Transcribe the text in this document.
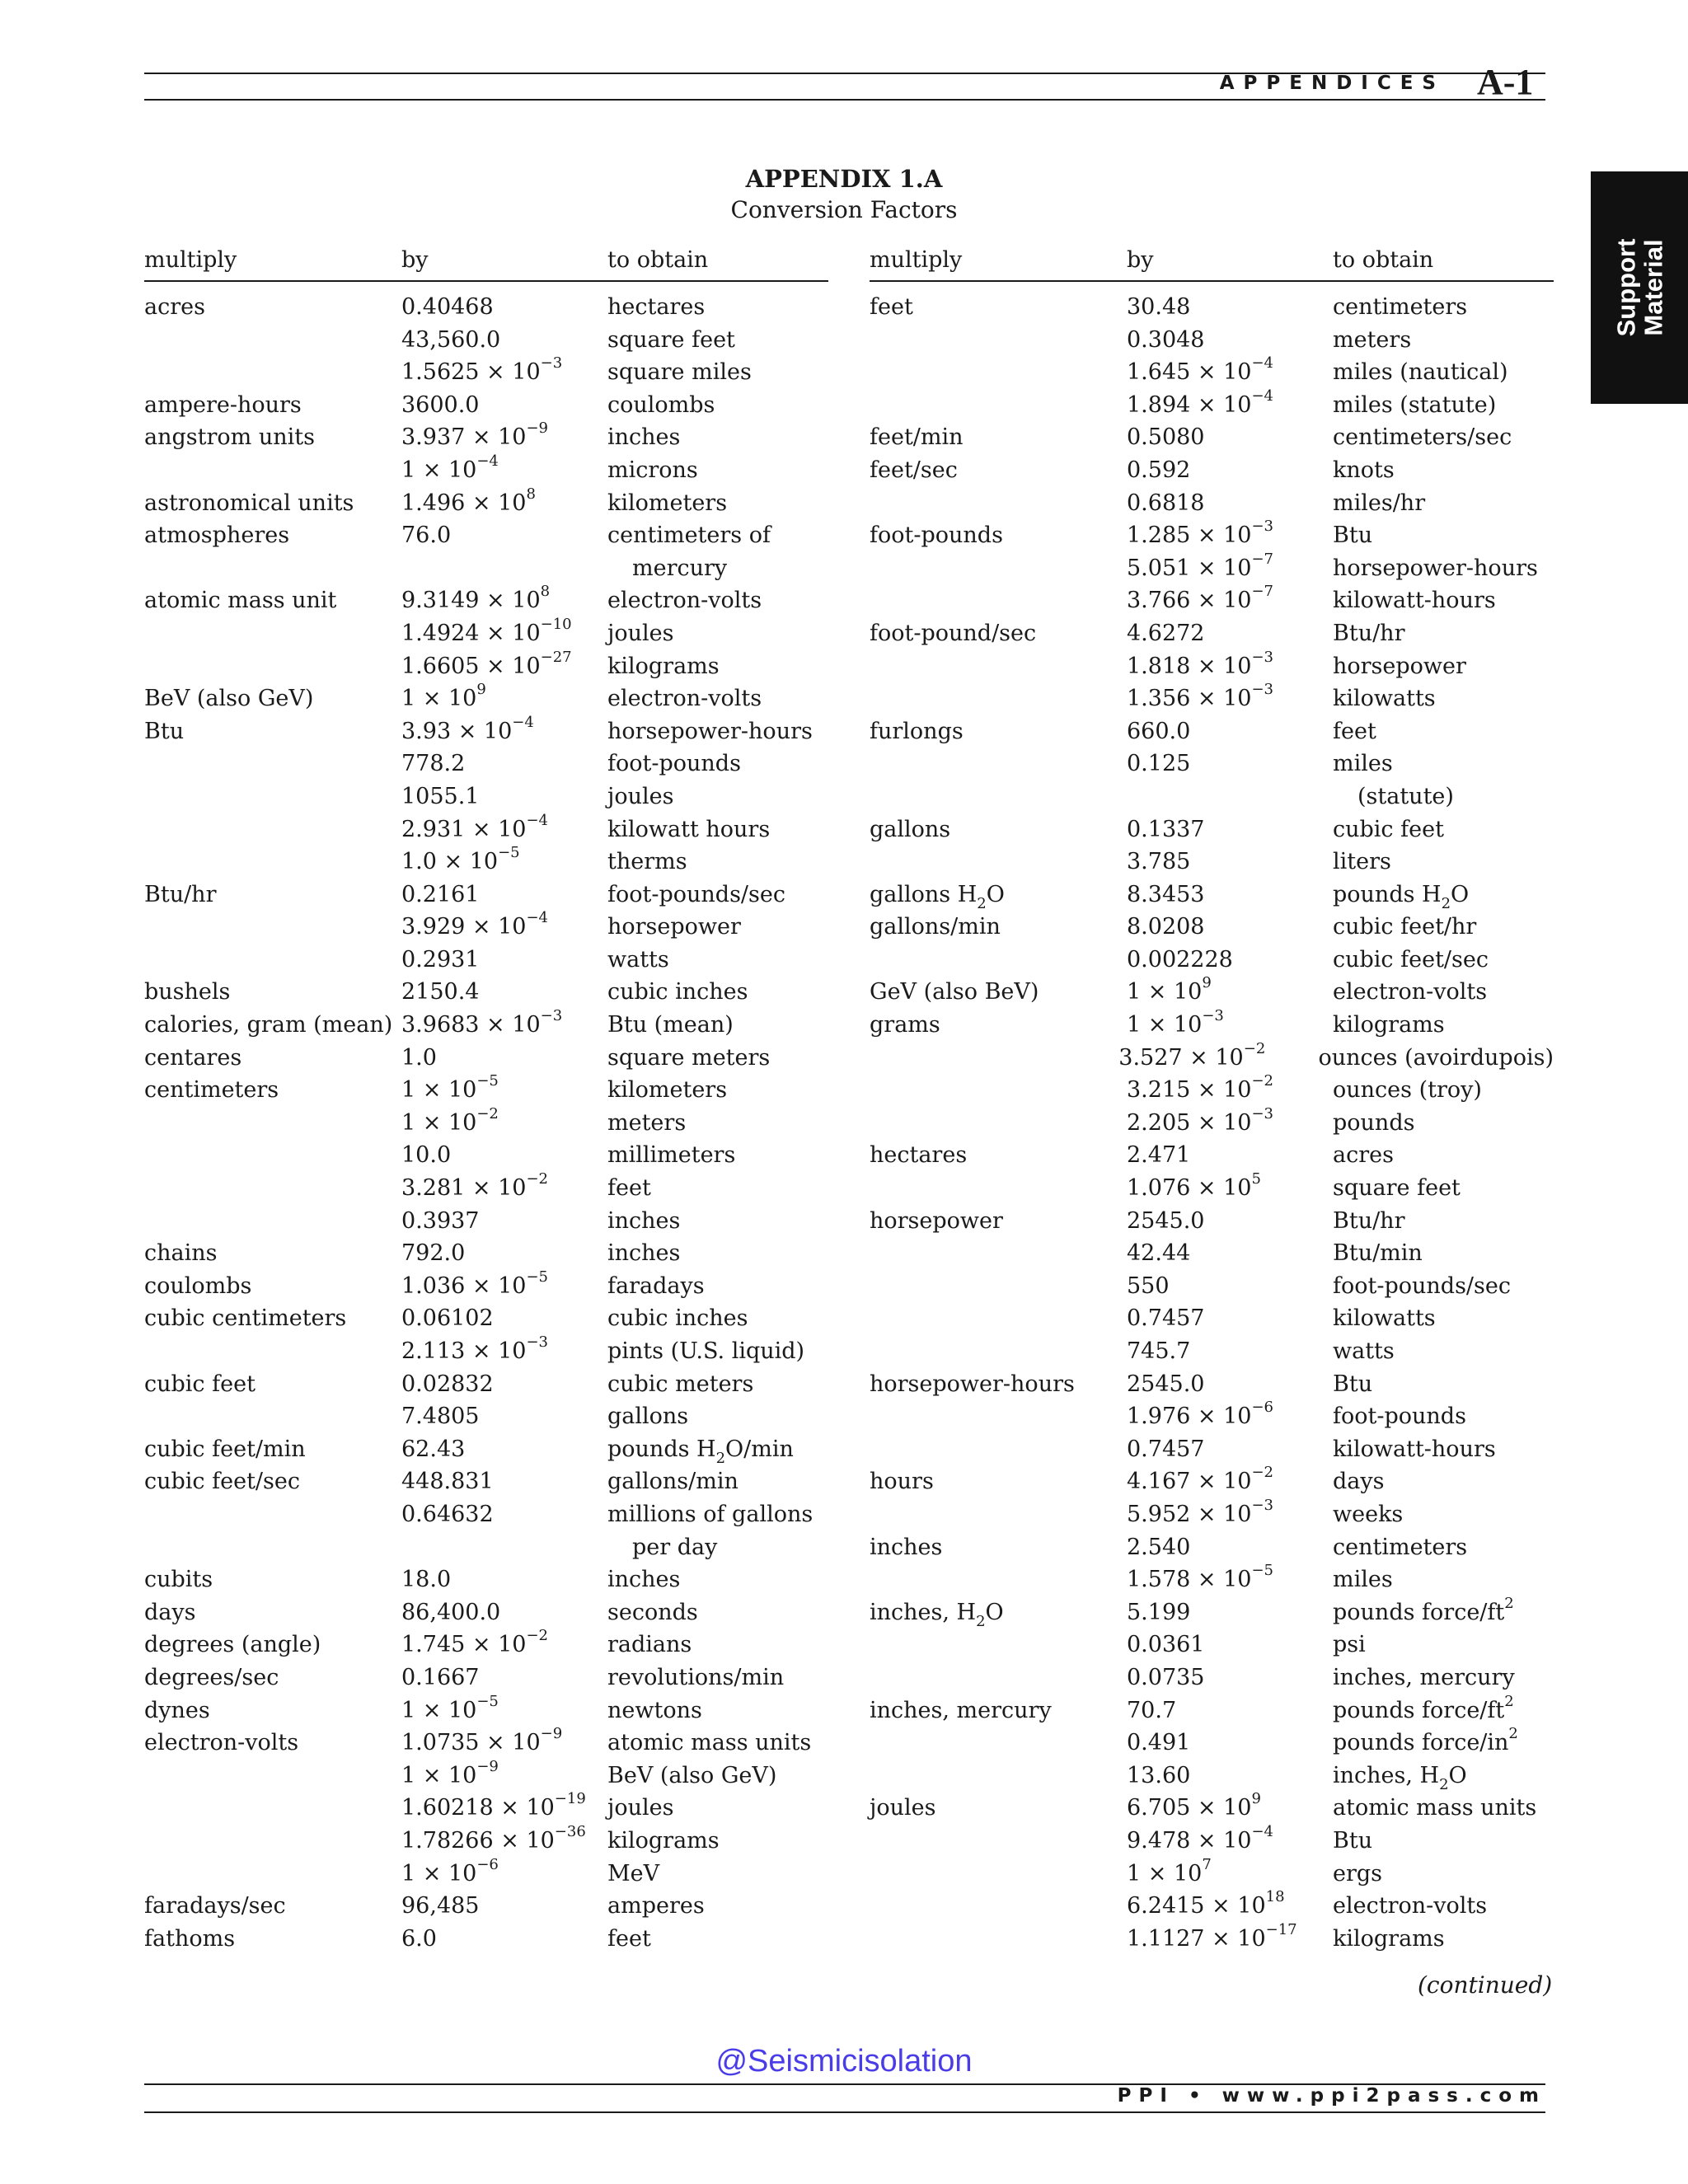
APPENDICES A-1
Support
Material
APPENDIX 1.A
Conversion Factors
multiply	by	to obtain
acres	0.40468	hectares
43,560.0	square feet
$1.5625 \times 10^{-3}$	square miles
ampere-hours	3600.0	coulombs
angstrom units	$3.937 \times 10^{-9}$	inches
$1 \times 10^{-4}$	microns
astronomical units	$1.496 \times 10^8$	kilometers
atmospheres	76.0	centimeters of
mercury
atomic mass unit	$9.3149 \times 10^8$	electron-volts
$1.4924 \times 10^{-10}$	joules
$1.6605 \times 10^{-27}$	kilograms
BeV (also GeV)	$1 \times 10^9$	electron-volts
Btu	$3.93 \times 10^{-4}$	horsepower-hours
778.2	foot-pounds
1055.1	joules
$2.931 \times 10^{-4}$	kilowatt hours
$1.0 \times 10^{-5}$	therms
Btu/hr	0.2161	foot-pounds/sec
$3.929 \times 10^{-4}$	horsepower
0.2931	watts
bushels	2150.4	cubic inches
calories, gram (mean) $3.9683 \times 10^{-3}$	Btu (mean)
centares	1.0	square meters
centimeters	$1 \times 10^{-5}$	kilometers
$1 \times 10^{-2}$	meters
10.0	millimeters
$3.281 \times 10^{-2}$	feet
0.3937	inches
chains	792.0	inches
coulombs	$1.036 \times 10^{-5}$	faradays
cubic centimeters	0.06102	cubic inches
$2.113 \times 10^{-3}$	pints (U.S. liquid)
cubic feet	0.02832	cubic meters
7.4805	gallons
cubic feet/min	62.43	pounds $H_2O/\min$
cubic feet/sec	448.831	gallons/min
0.64632	millions of gallons
per day
cubits	18.0	inches
days	86,400.0	seconds
degrees (angle)	$1.745 \times 10^{-2}$	radians
degrees/sec	0.1667	revolutions/min
dynes	$1 \times 10^{-5}$	newtons
electron-volts	$1.0735 \times 10^{-9}$	atomic mass units
$1 \times 10^{-9}$	BeV (also GeV)
$1.60218 \times 10^{-19}$ joules
$1.78266 \times 10^{-36}$ kilograms
$1 \times 10^{-6}$	MeV
faradays/sec	96,485	amperes
fathoms	6.0	feet
multiply	by	to obtain
feet	30.48	centimeters
0.3048	meters
$1.645 \times 10^{-4}$	miles (nautical)
$1.894 \times 10^{-4}$	miles (statute)
feet/min	0.5080	centimeters/sec
feet/sec	0.592	knots
0.6818	miles/hr
foot-pounds	$1.285 \times 10^{-3}$	Btu
$5.051 \times 10^{-7}$	horsepower-hours
$3.766 \times 10^{-7}$	kilowatt-hours
foot-pound/sec	4.6272	Btu/hr
$1.818 \times 10^{-3}$	horsepower
$1.356 \times 10^{-3}$	kilowatts
furlongs	660.0	feet
0.125	miles
(statute)
gallons	0.1337	cubic feet
3.785	liters
gallons $H_2O$	8.3453	pounds $H_2O$
gallons/min	8.0208	cubic feet/hr
0.002228	cubic feet/sec
GeV (also BeV)	$1 \times 10^9$	electron-volts
grams	$1 \times 10^{-3}$	kilograms
$3.527 \times 10^{-2}$	ounces (avoirdupois)
$3.215 \times 10^{-2}$	ounces (troy)
$2.205 \times 10^{-3}$	pounds
hectares	2.471	acres
$1.076 \times 10^5$	square feet
horsepower	2545.0	Btu/hr
42.44	Btu/min
550	foot-pounds/sec
0.7457	kilowatts
745.7	watts
horsepower-hours	2545.0	Btu
$1.976 \times 10^{-6}$	foot-pounds
0.7457	kilowatt-hours
hours	$4.167 \times 10^{-2}$	days
$5.952 \times 10^{-3}$	weeks
inches	2.540	centimeters
$1.578 \times 10^{-5}$	miles
inches, $H_2O$	5.199	pounds force/$ft^2$
0.0361	psi
0.0735	inches, mercury
inches, mercury	70.7	pounds force/$ft^2$
0.491	pounds force/$in^2$
13.60	inches, $H_2O$
joules	$6.705 \times 10^9$	atomic mass units
$9.478 \times 10^{-4}$	Btu
$1 \times 10^7$	ergs
$6.2415 \times 10^{18}$	electron-volts
$1.1127 \times 10^{-17}$	kilograms
(continued)
@Seismicisolation
PPI • www.ppi2pass.com
